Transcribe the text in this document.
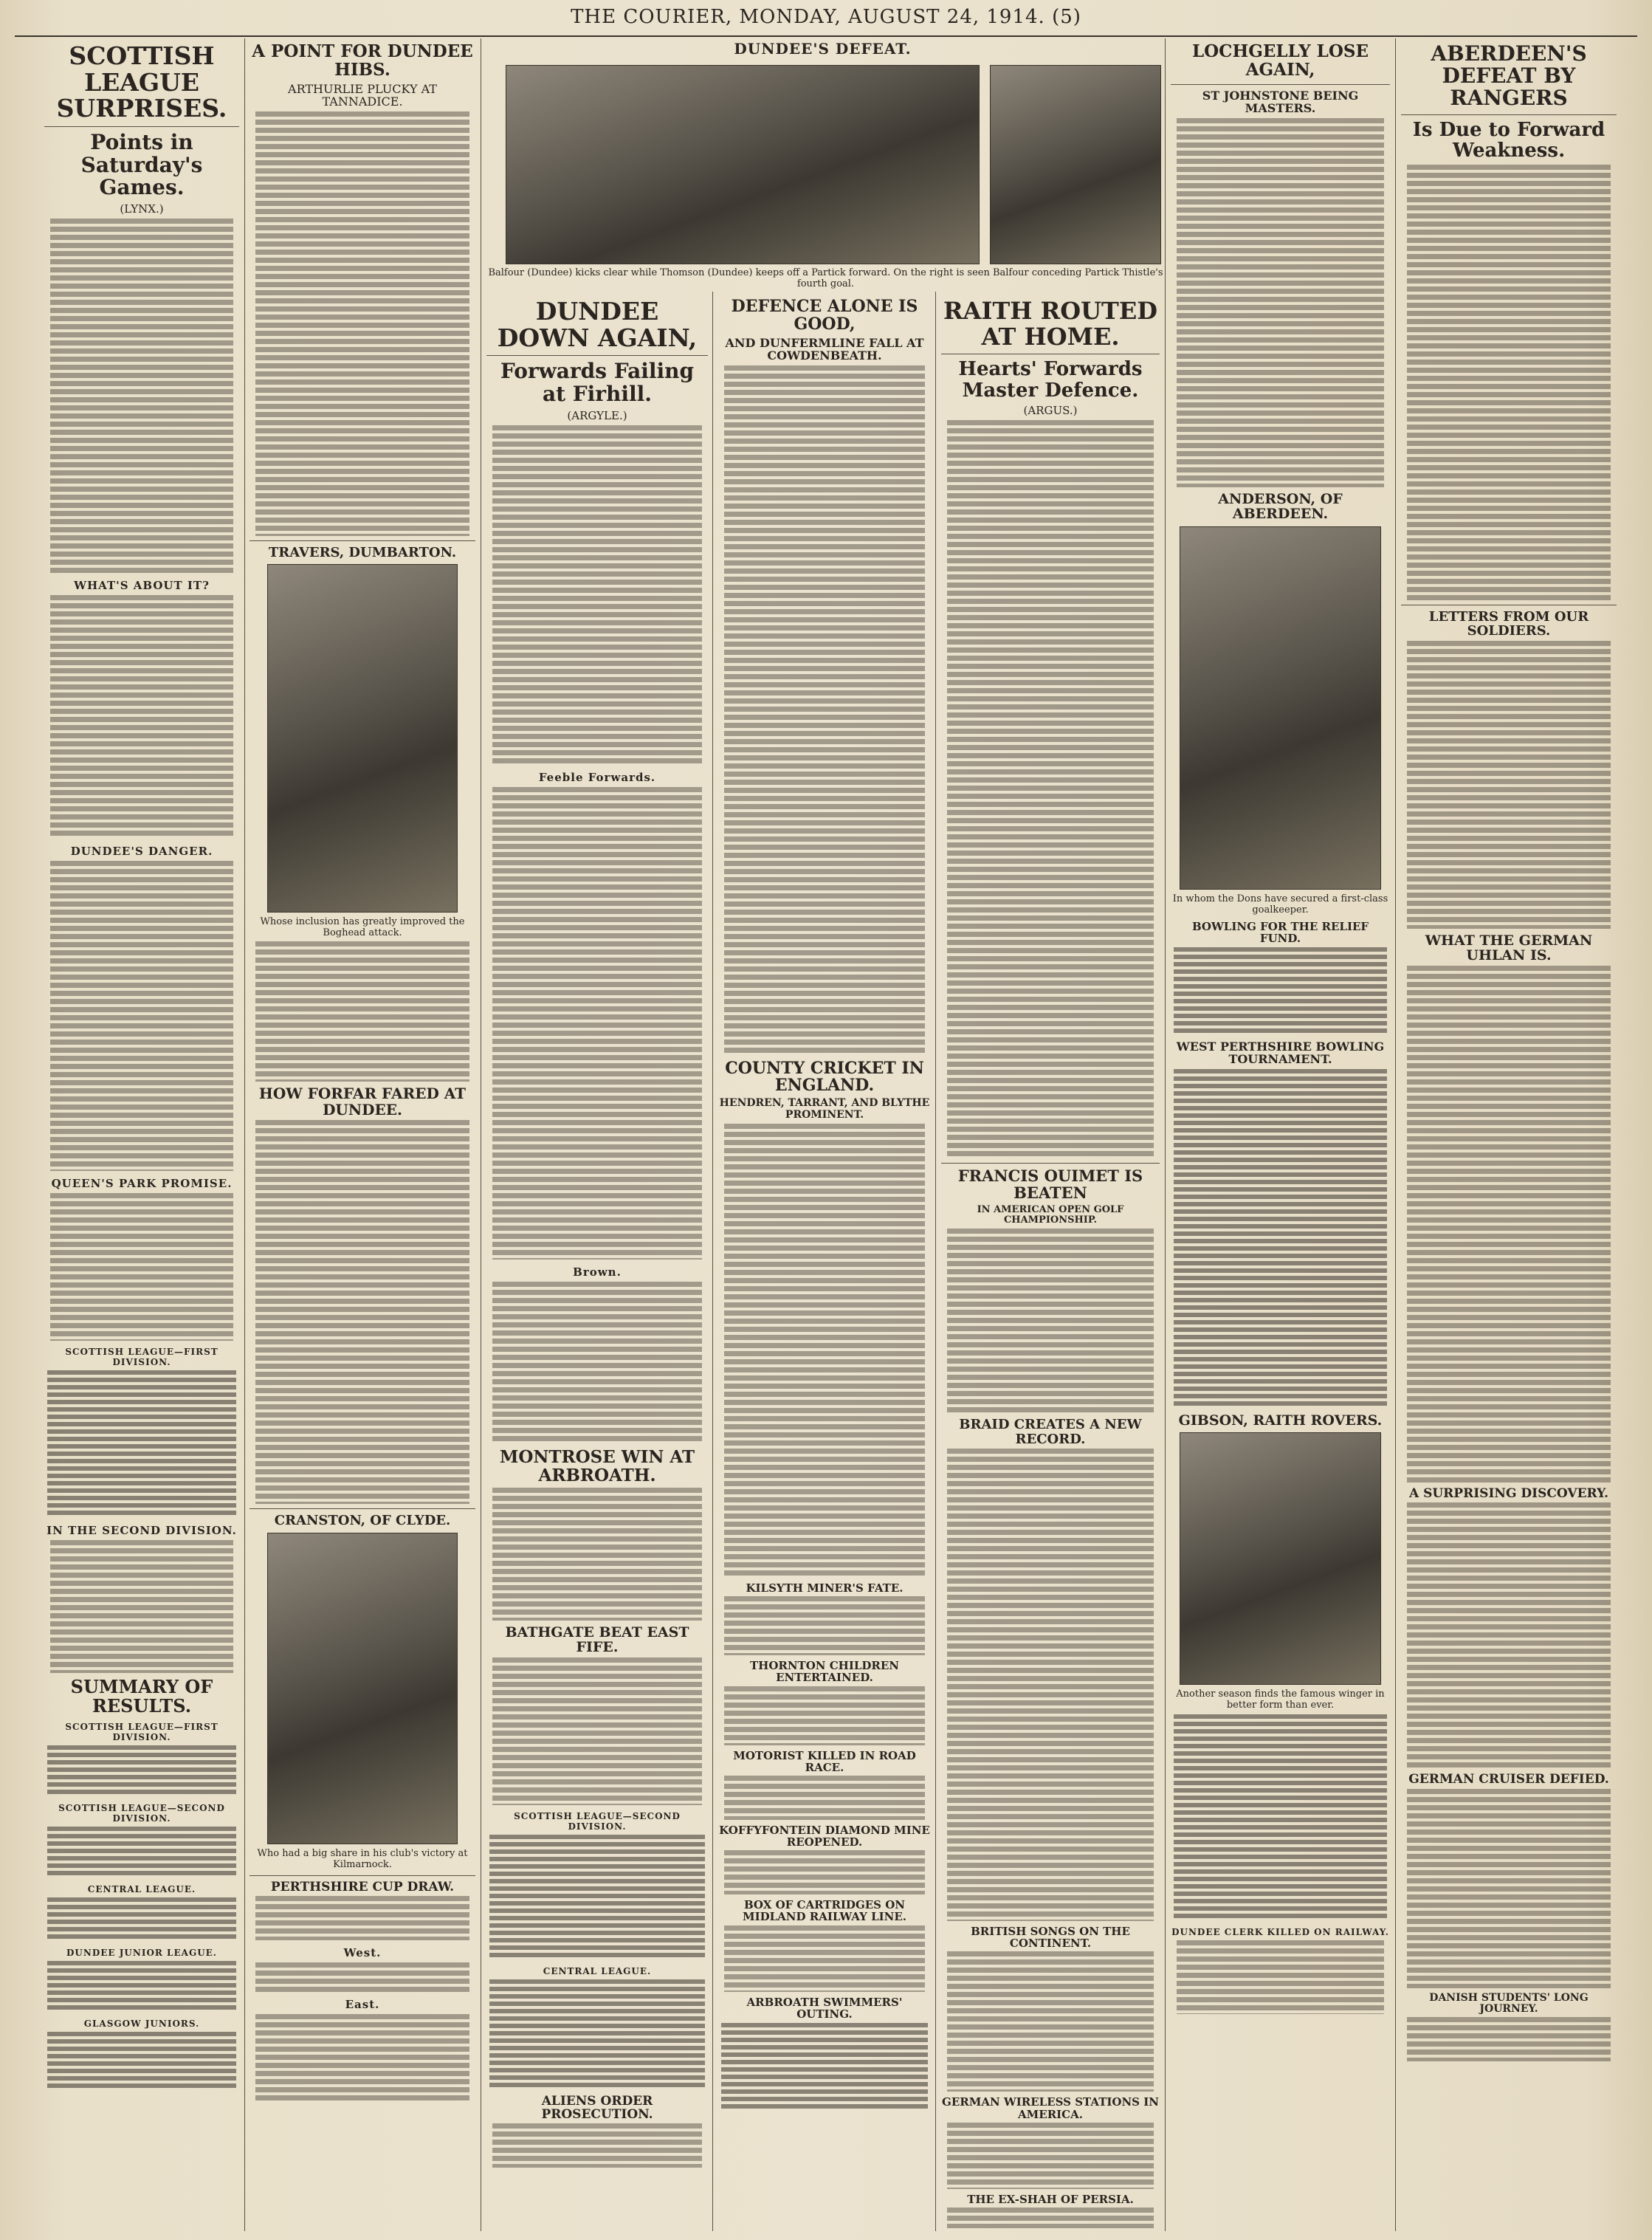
THE COURIER, MONDAY, AUGUST 24, 1914. (5)
SCOTTISH LEAGUE SURPRISES.
Points in Saturday's Games.
(LYNX.)
WHAT'S ABOUT IT?
DUNDEE'S DANGER.
QUEEN'S PARK PROMISE.
SCOTTISH LEAGUE—FIRST DIVISION.
IN THE SECOND DIVISION.
SUMMARY OF RESULTS.
SCOTTISH LEAGUE—FIRST DIVISION.
SCOTTISH LEAGUE—SECOND DIVISION.
CENTRAL LEAGUE.
DUNDEE JUNIOR LEAGUE.
GLASGOW JUNIORS.
A POINT FOR DUNDEE HIBS.
ARTHURLIE PLUCKY AT TANNADICE.
TRAVERS, DUMBARTON.
Whose inclusion has greatly improved the Boghead attack.
HOW FORFAR FARED AT DUNDEE.
CRANSTON, OF CLYDE.
Who had a big share in his club's victory at Kilmarnock.
PERTHSHIRE CUP DRAW.
West.
East.
DUNDEE'S DEFEAT.
Balfour (Dundee) kicks clear while Thomson (Dundee) keeps off a Partick forward. On the right is seen Balfour conceding Partick Thistle's fourth goal.
DUNDEE DOWN AGAIN,
Forwards Failing at Firhill.
(ARGYLE.)
Feeble Forwards.
Brown.
MONTROSE WIN AT ARBROATH.
BATHGATE BEAT EAST FIFE.
SCOTTISH LEAGUE—SECOND DIVISION.
CENTRAL LEAGUE.
ALIENS ORDER PROSECUTION.
DEFENCE ALONE IS GOOD,
AND DUNFERMLINE FALL AT COWDENBEATH.
COUNTY CRICKET IN ENGLAND.
HENDREN, TARRANT, AND BLYTHE PROMINENT.
KILSYTH MINER'S FATE.
THORNTON CHILDREN ENTERTAINED.
MOTORIST KILLED IN ROAD RACE.
KOFFYFONTEIN DIAMOND MINE REOPENED.
BOX OF CARTRIDGES ON MIDLAND RAILWAY LINE.
ARBROATH SWIMMERS' OUTING.
RAITH ROUTED AT HOME.
Hearts' Forwards Master Defence.
(ARGUS.)
FRANCIS OUIMET IS BEATEN
IN AMERICAN OPEN GOLF CHAMPIONSHIP.
BRAID CREATES A NEW RECORD.
BRITISH SONGS ON THE CONTINENT.
GERMAN WIRELESS STATIONS IN AMERICA.
THE EX-SHAH OF PERSIA.
LOCHGELLY LOSE AGAIN,
ST JOHNSTONE BEING MASTERS.
ANDERSON, OF ABERDEEN.
In whom the Dons have secured a first-class goalkeeper.
BOWLING FOR THE RELIEF FUND.
WEST PERTHSHIRE BOWLING TOURNAMENT.
GIBSON, RAITH ROVERS.
Another season finds the famous winger in better form than ever.
DUNDEE CLERK KILLED ON RAILWAY.
ABERDEEN'S DEFEAT BY RANGERS
Is Due to Forward Weakness.
LETTERS FROM OUR SOLDIERS.
WHAT THE GERMAN UHLAN IS.
A SURPRISING DISCOVERY.
GERMAN CRUISER DEFIED.
DANISH STUDENTS' LONG JOURNEY.
